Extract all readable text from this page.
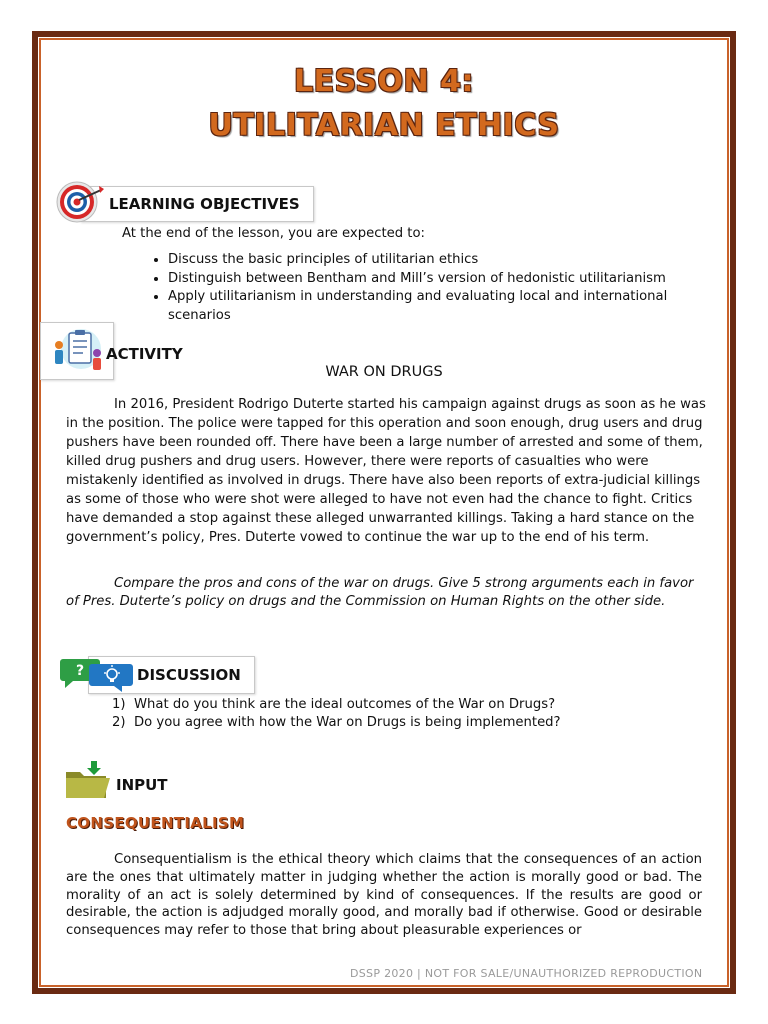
LESSON 4:
UTILITARIAN ETHICS
LEARNING OBJECTIVES
At the end of the lesson, you are expected to:
• Discuss the basic principles of utilitarian ethics
• Distinguish between Bentham and Mill’s version of hedonistic utilitarianism
• Apply utilitarianism in understanding and evaluating local and international scenarios
ACTIVITY
WAR ON DRUGS

In 2016, President Rodrigo Duterte started his campaign against drugs as soon as he was in the position. The police were tapped for this operation and soon enough, drug users and drug pushers have been rounded off. There have been a large number of arrested and some of them, killed drug pushers and drug users. However, there were reports of casualties who were mistakenly identified as involved in drugs. There have also been reports of extra-judicial killings as some of those who were shot were alleged to have not even had the chance to fight. Critics have demanded a stop against these alleged unwarranted killings. Taking a hard stance on the government’s policy, Pres. Duterte vowed to continue the war up to the end of his term.

Compare the pros and cons of the war on drugs. Give 5 strong arguments each in favor of Pres. Duterte’s policy on drugs and the Commission on Human Rights on the other side.

DISCUSSION
?
1) What do you think are the ideal outcomes of the War on Drugs?
2) Do you agree with how the War on Drugs is being implemented?
INPUT
CONSEQUENTIALISM

Consequentialism is the ethical theory which claims that the consequences of an action are the ones that ultimately matter in judging whether the action is morally good or bad. The morality of an act is solely determined by kind of consequences. If the results are good or desirable, the action is adjudged morally good, and morally bad if otherwise. Good or desirable consequences may refer to those that bring about pleasurable experiences or

DSSP 2020 | NOT FOR SALE/UNAUTHORIZED REPRODUCTION
